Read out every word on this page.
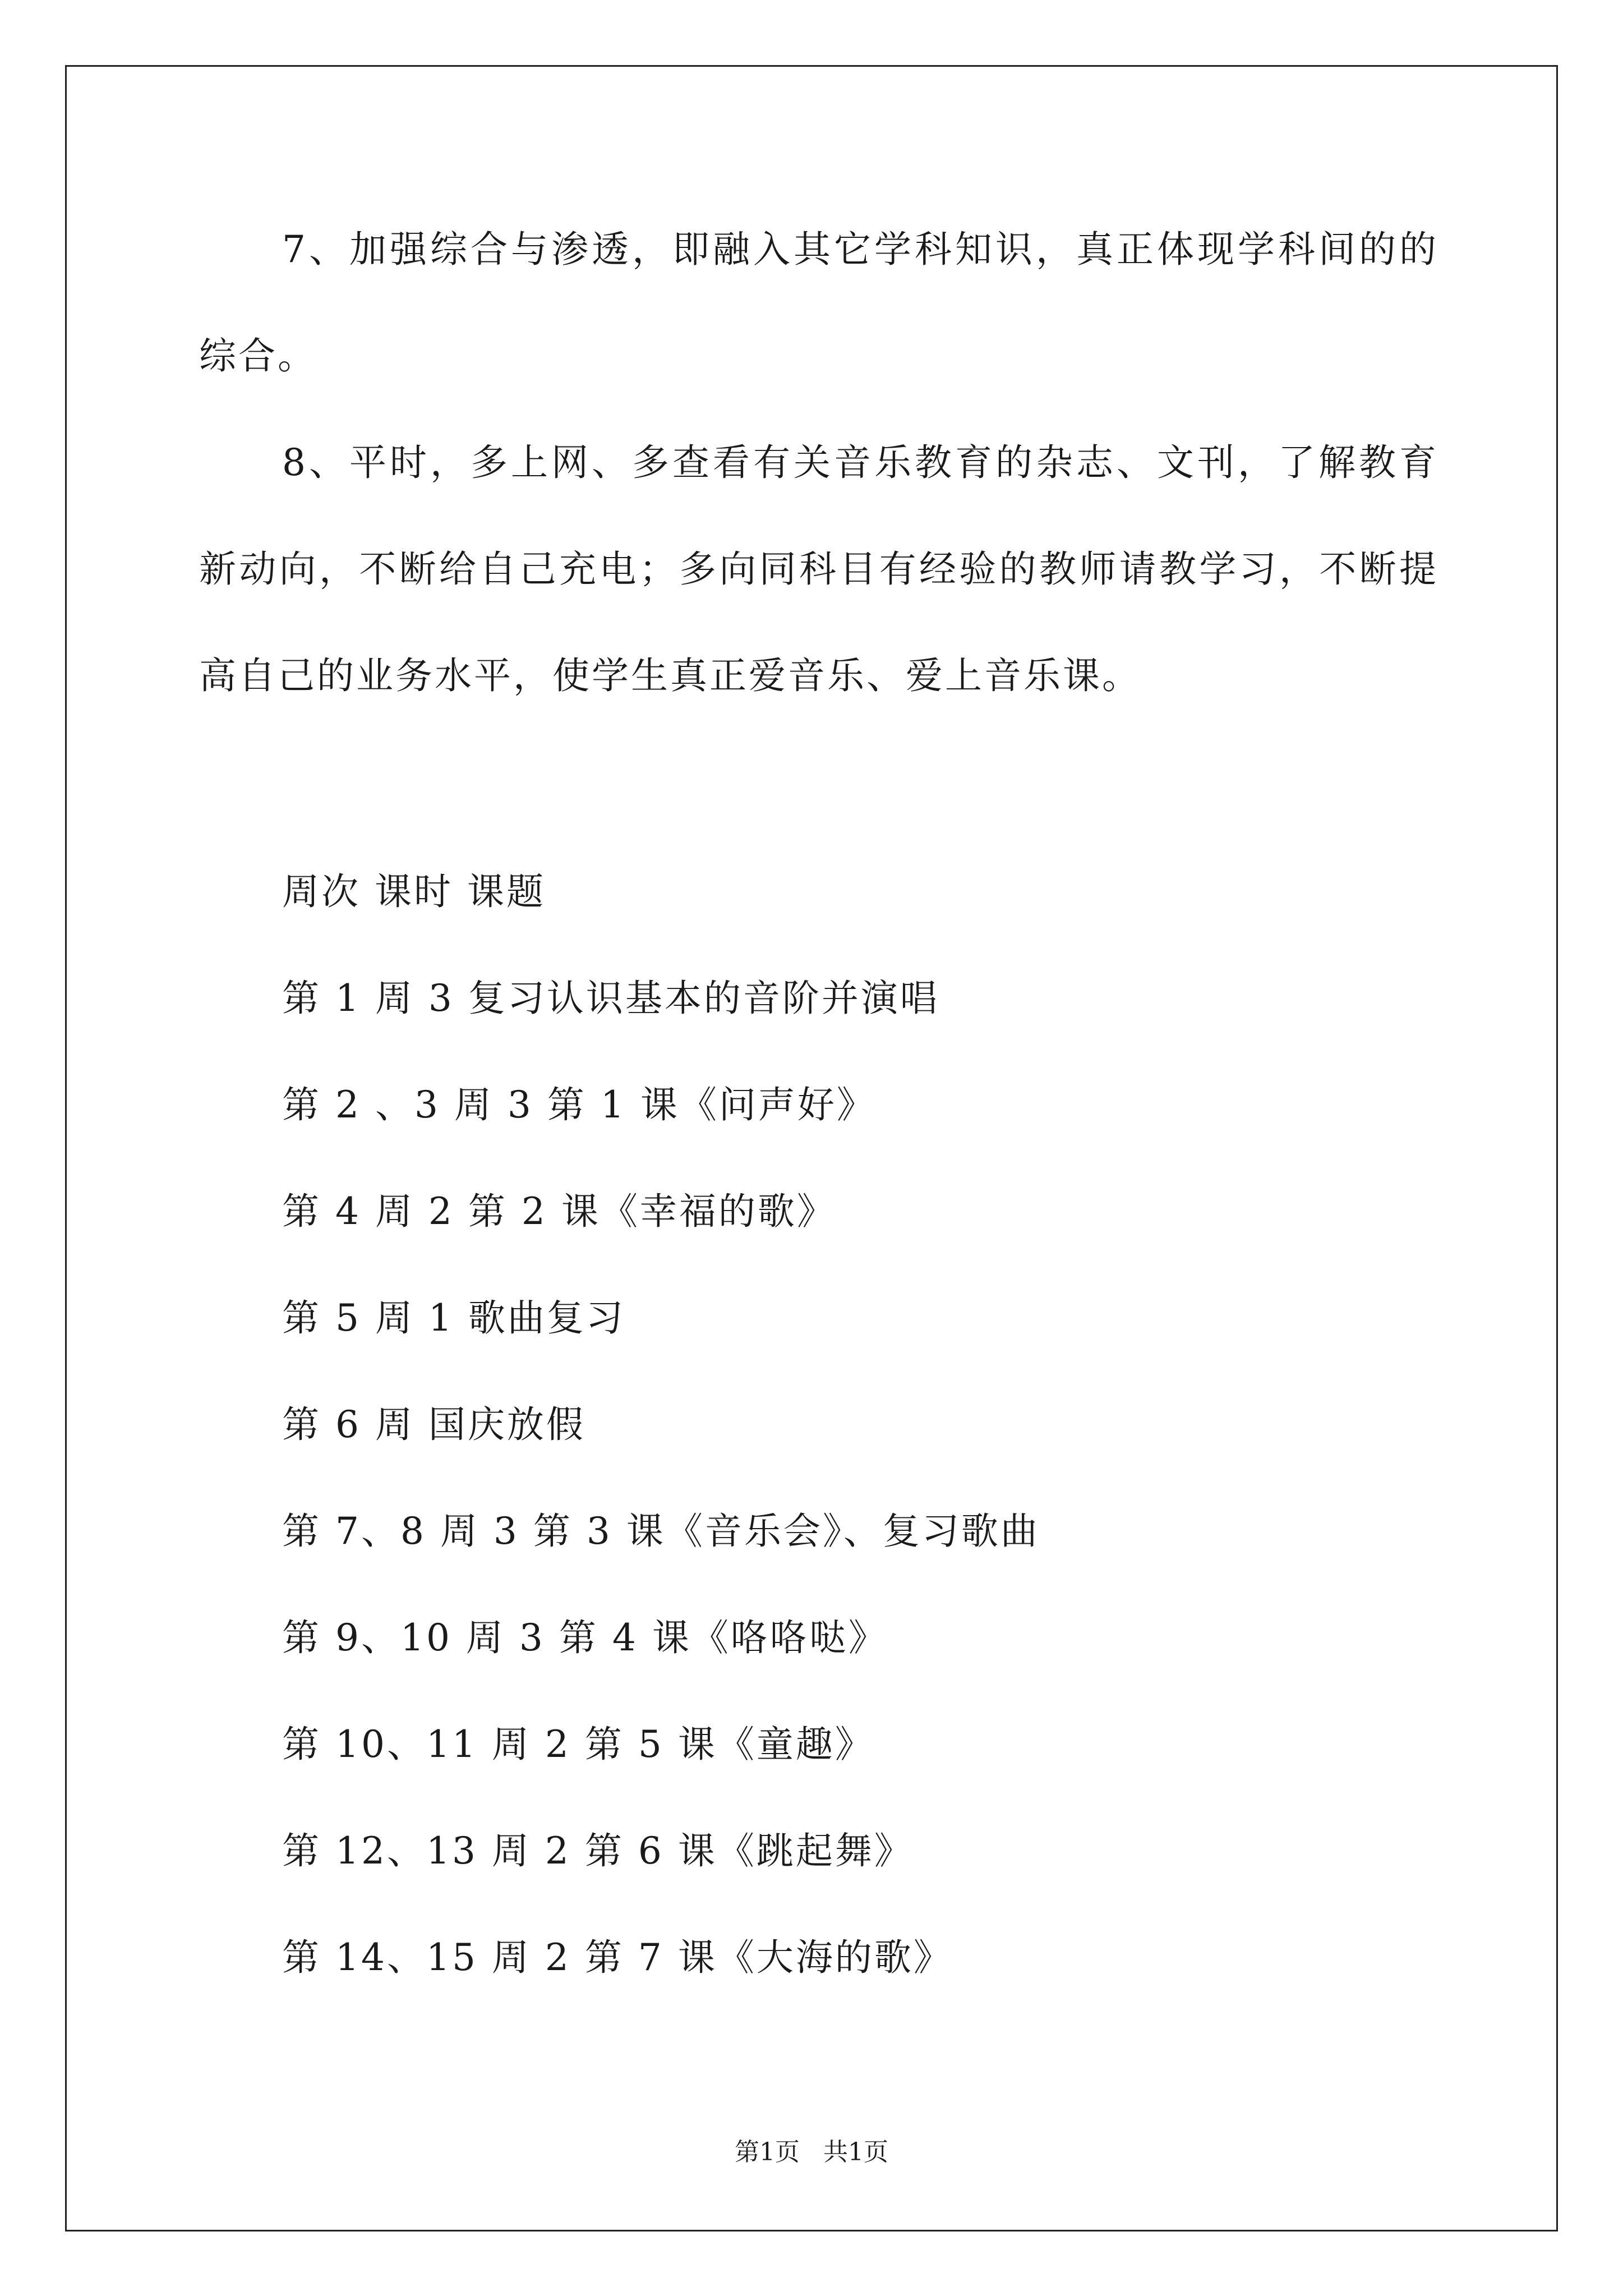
7、加强综合与渗透，即融入其它学科知识，真正体现学科间的的综合。

8、平时，多上网、多查看有关音乐教育的杂志、文刊，了解教育新动向，不断给自己充电；多向同科目有经验的教师请教学习，不断提高自己的业务水平，使学生真正爱音乐、爱上音乐课。

周次 课时 课题
第 1 周 3 复习认识基本的音阶并演唱
第 2 、3 周 3 第 1 课《问声好》
第 4 周 2 第 2 课《幸福的歌》
第 5 周 1 歌曲复习
第 6 周 国庆放假
第 7、8 周 3 第 3 课《音乐会》、复习歌曲
第 9、10 周 3 第 4 课《咯咯哒》
第 10、11 周 2 第 5 课《童趣》
第 12、13 周 2 第 6 课《跳起舞》
第 14、15 周 2 第 7 课《大海的歌》
第1页   共1页
